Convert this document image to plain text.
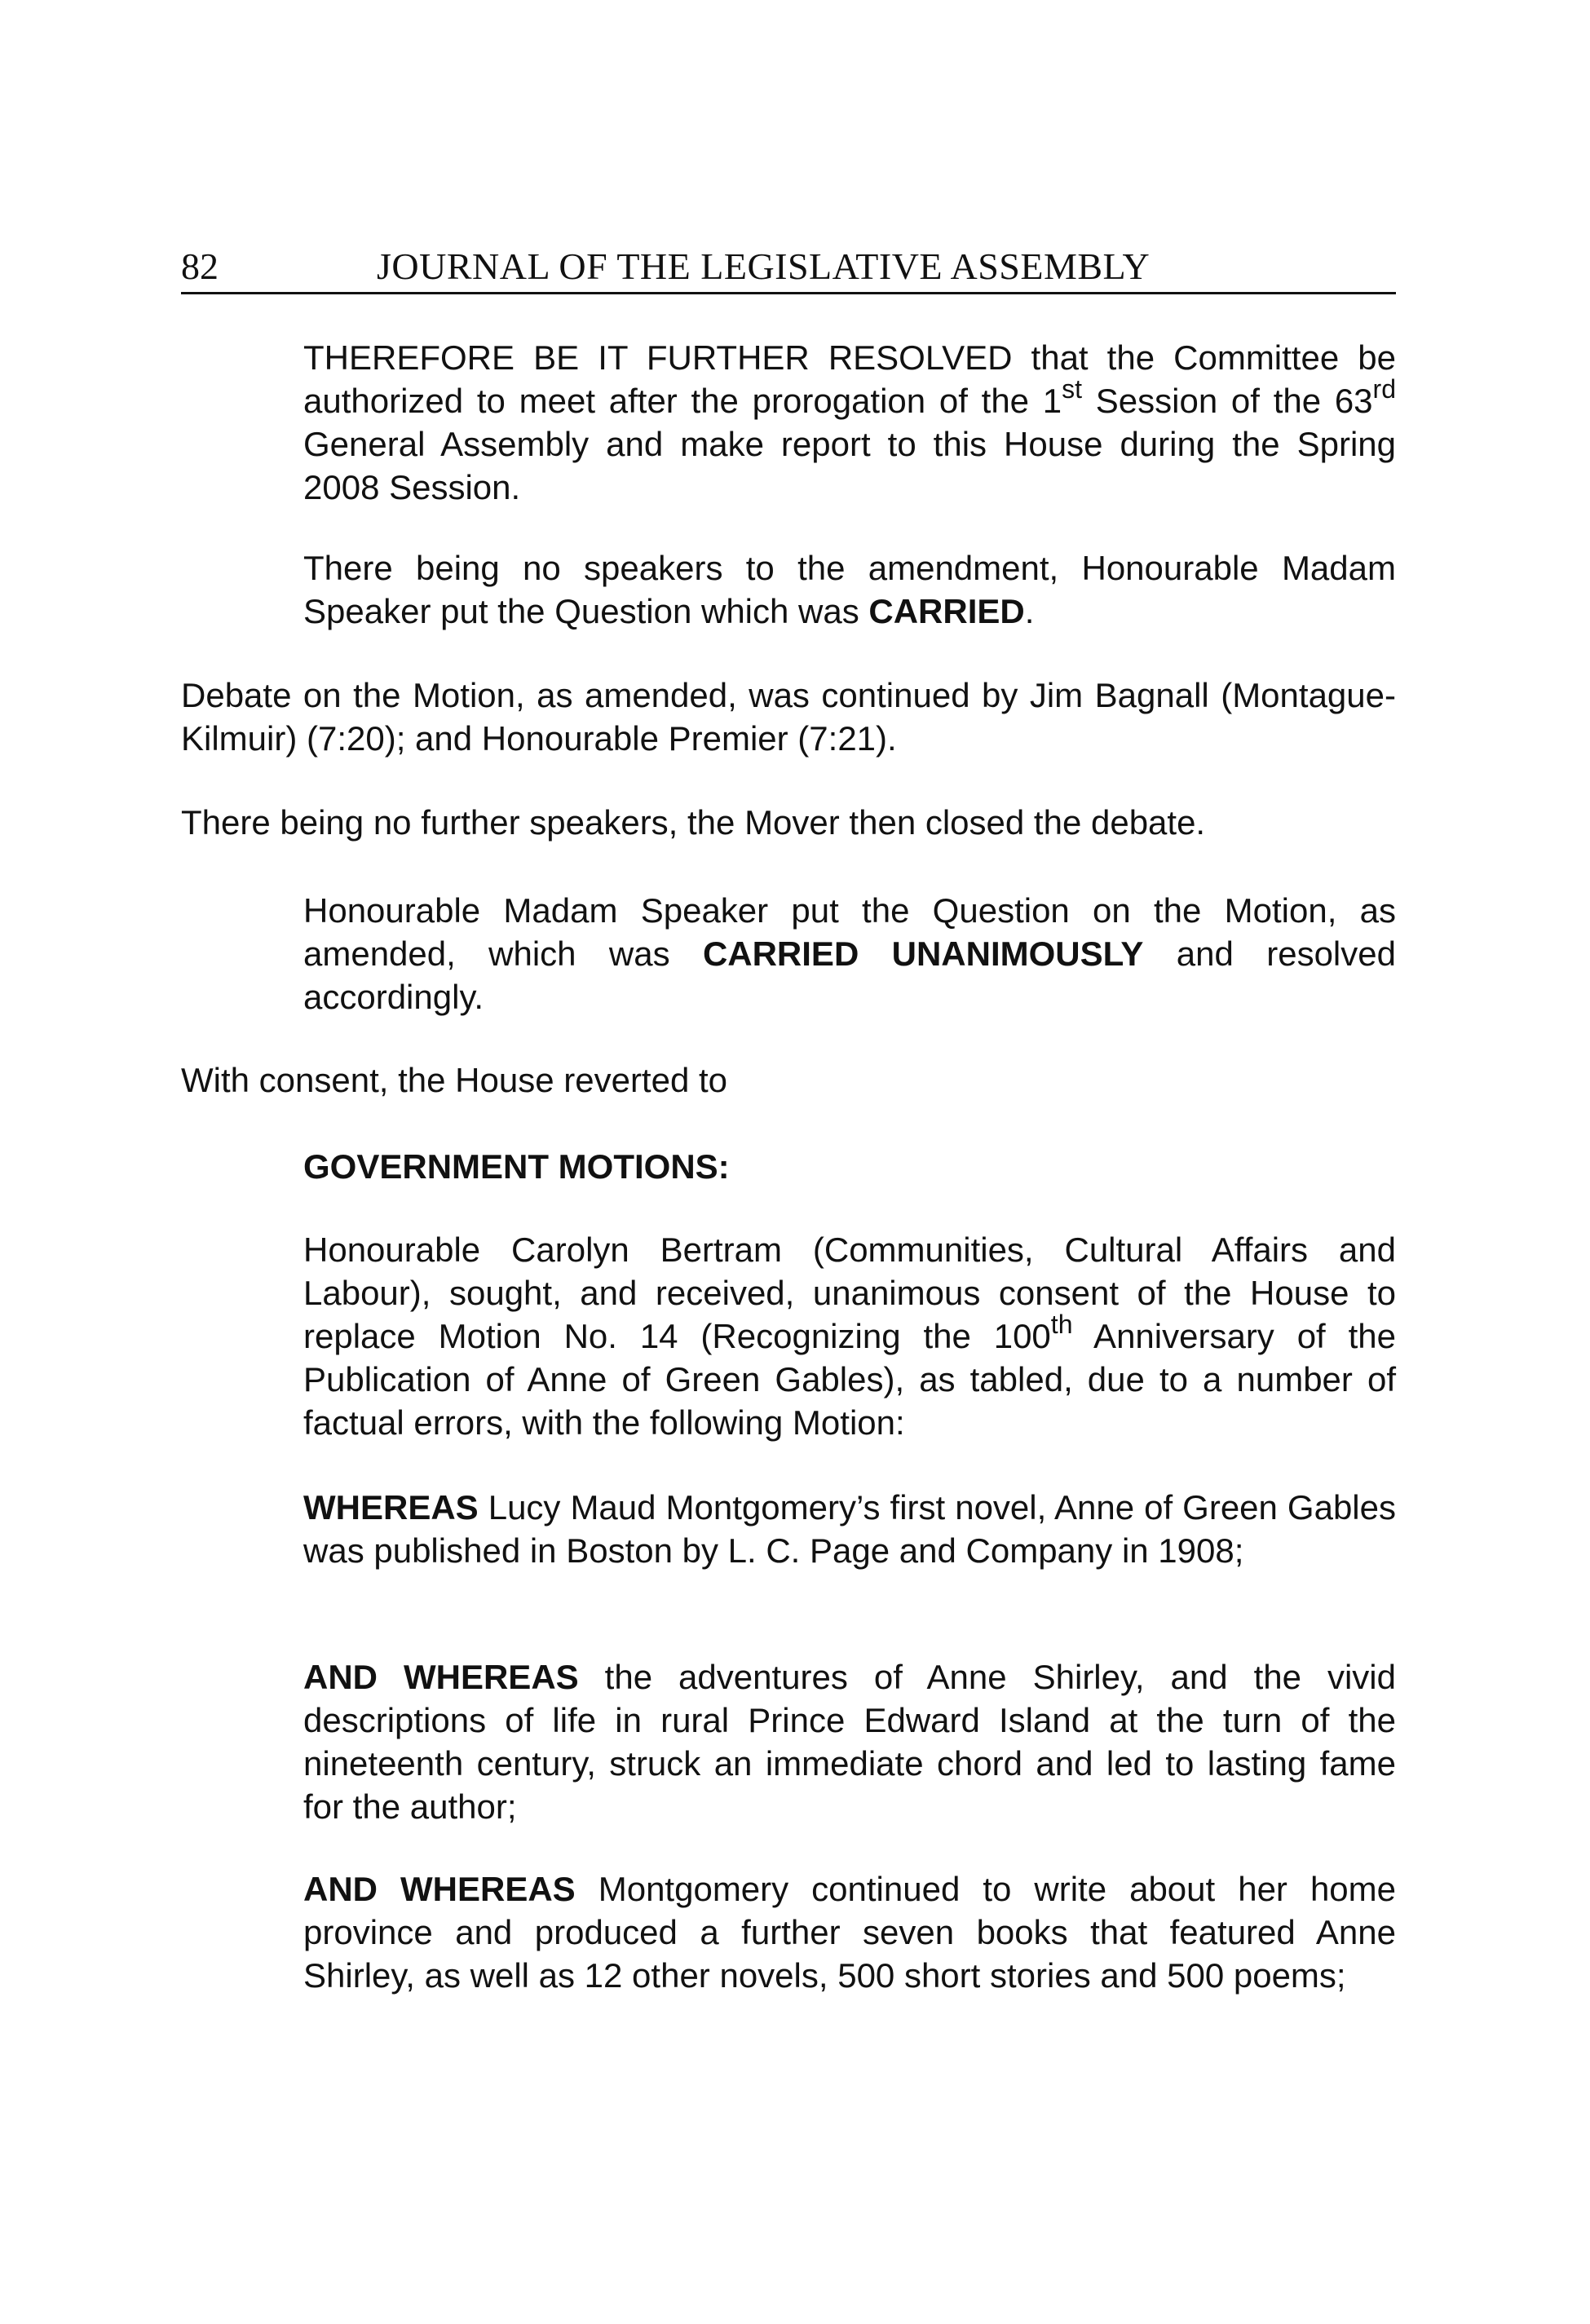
82	JOURNAL OF THE LEGISLATIVE ASSEMBLY

THEREFORE BE IT FURTHER RESOLVED that the Committee be authorized to meet after the prorogation of the 1st Session of the 63rd General Assembly and make report to this House during the Spring 2008 Session.

There being no speakers to the amendment, Honourable Madam Speaker put the Question which was CARRIED.

Debate on the Motion, as amended, was continued by Jim Bagnall (Montague-Kilmuir) (7:20); and Honourable Premier (7:21).

There being no further speakers, the Mover then closed the debate.

Honourable Madam Speaker put the Question on the Motion, as amended, which was CARRIED UNANIMOUSLY and resolved accordingly.

With consent, the House reverted to

GOVERNMENT MOTIONS:

Honourable Carolyn Bertram (Communities, Cultural Affairs and Labour), sought, and received, unanimous consent of the House to replace Motion No. 14 (Recognizing the 100th Anniversary of the Publication of Anne of Green Gables), as tabled, due to a number of factual errors, with the following Motion:

WHEREAS Lucy Maud Montgomery’s first novel, Anne of Green Gables was published in Boston by L. C. Page and Company in 1908;

AND WHEREAS the adventures of Anne Shirley, and the vivid descriptions of life in rural Prince Edward Island at the turn of the nineteenth century, struck an immediate chord and led to lasting fame for the author;

AND WHEREAS Montgomery continued to write about her home province and produced a further seven books that featured Anne Shirley, as well as 12 other novels, 500 short stories and 500 poems;
